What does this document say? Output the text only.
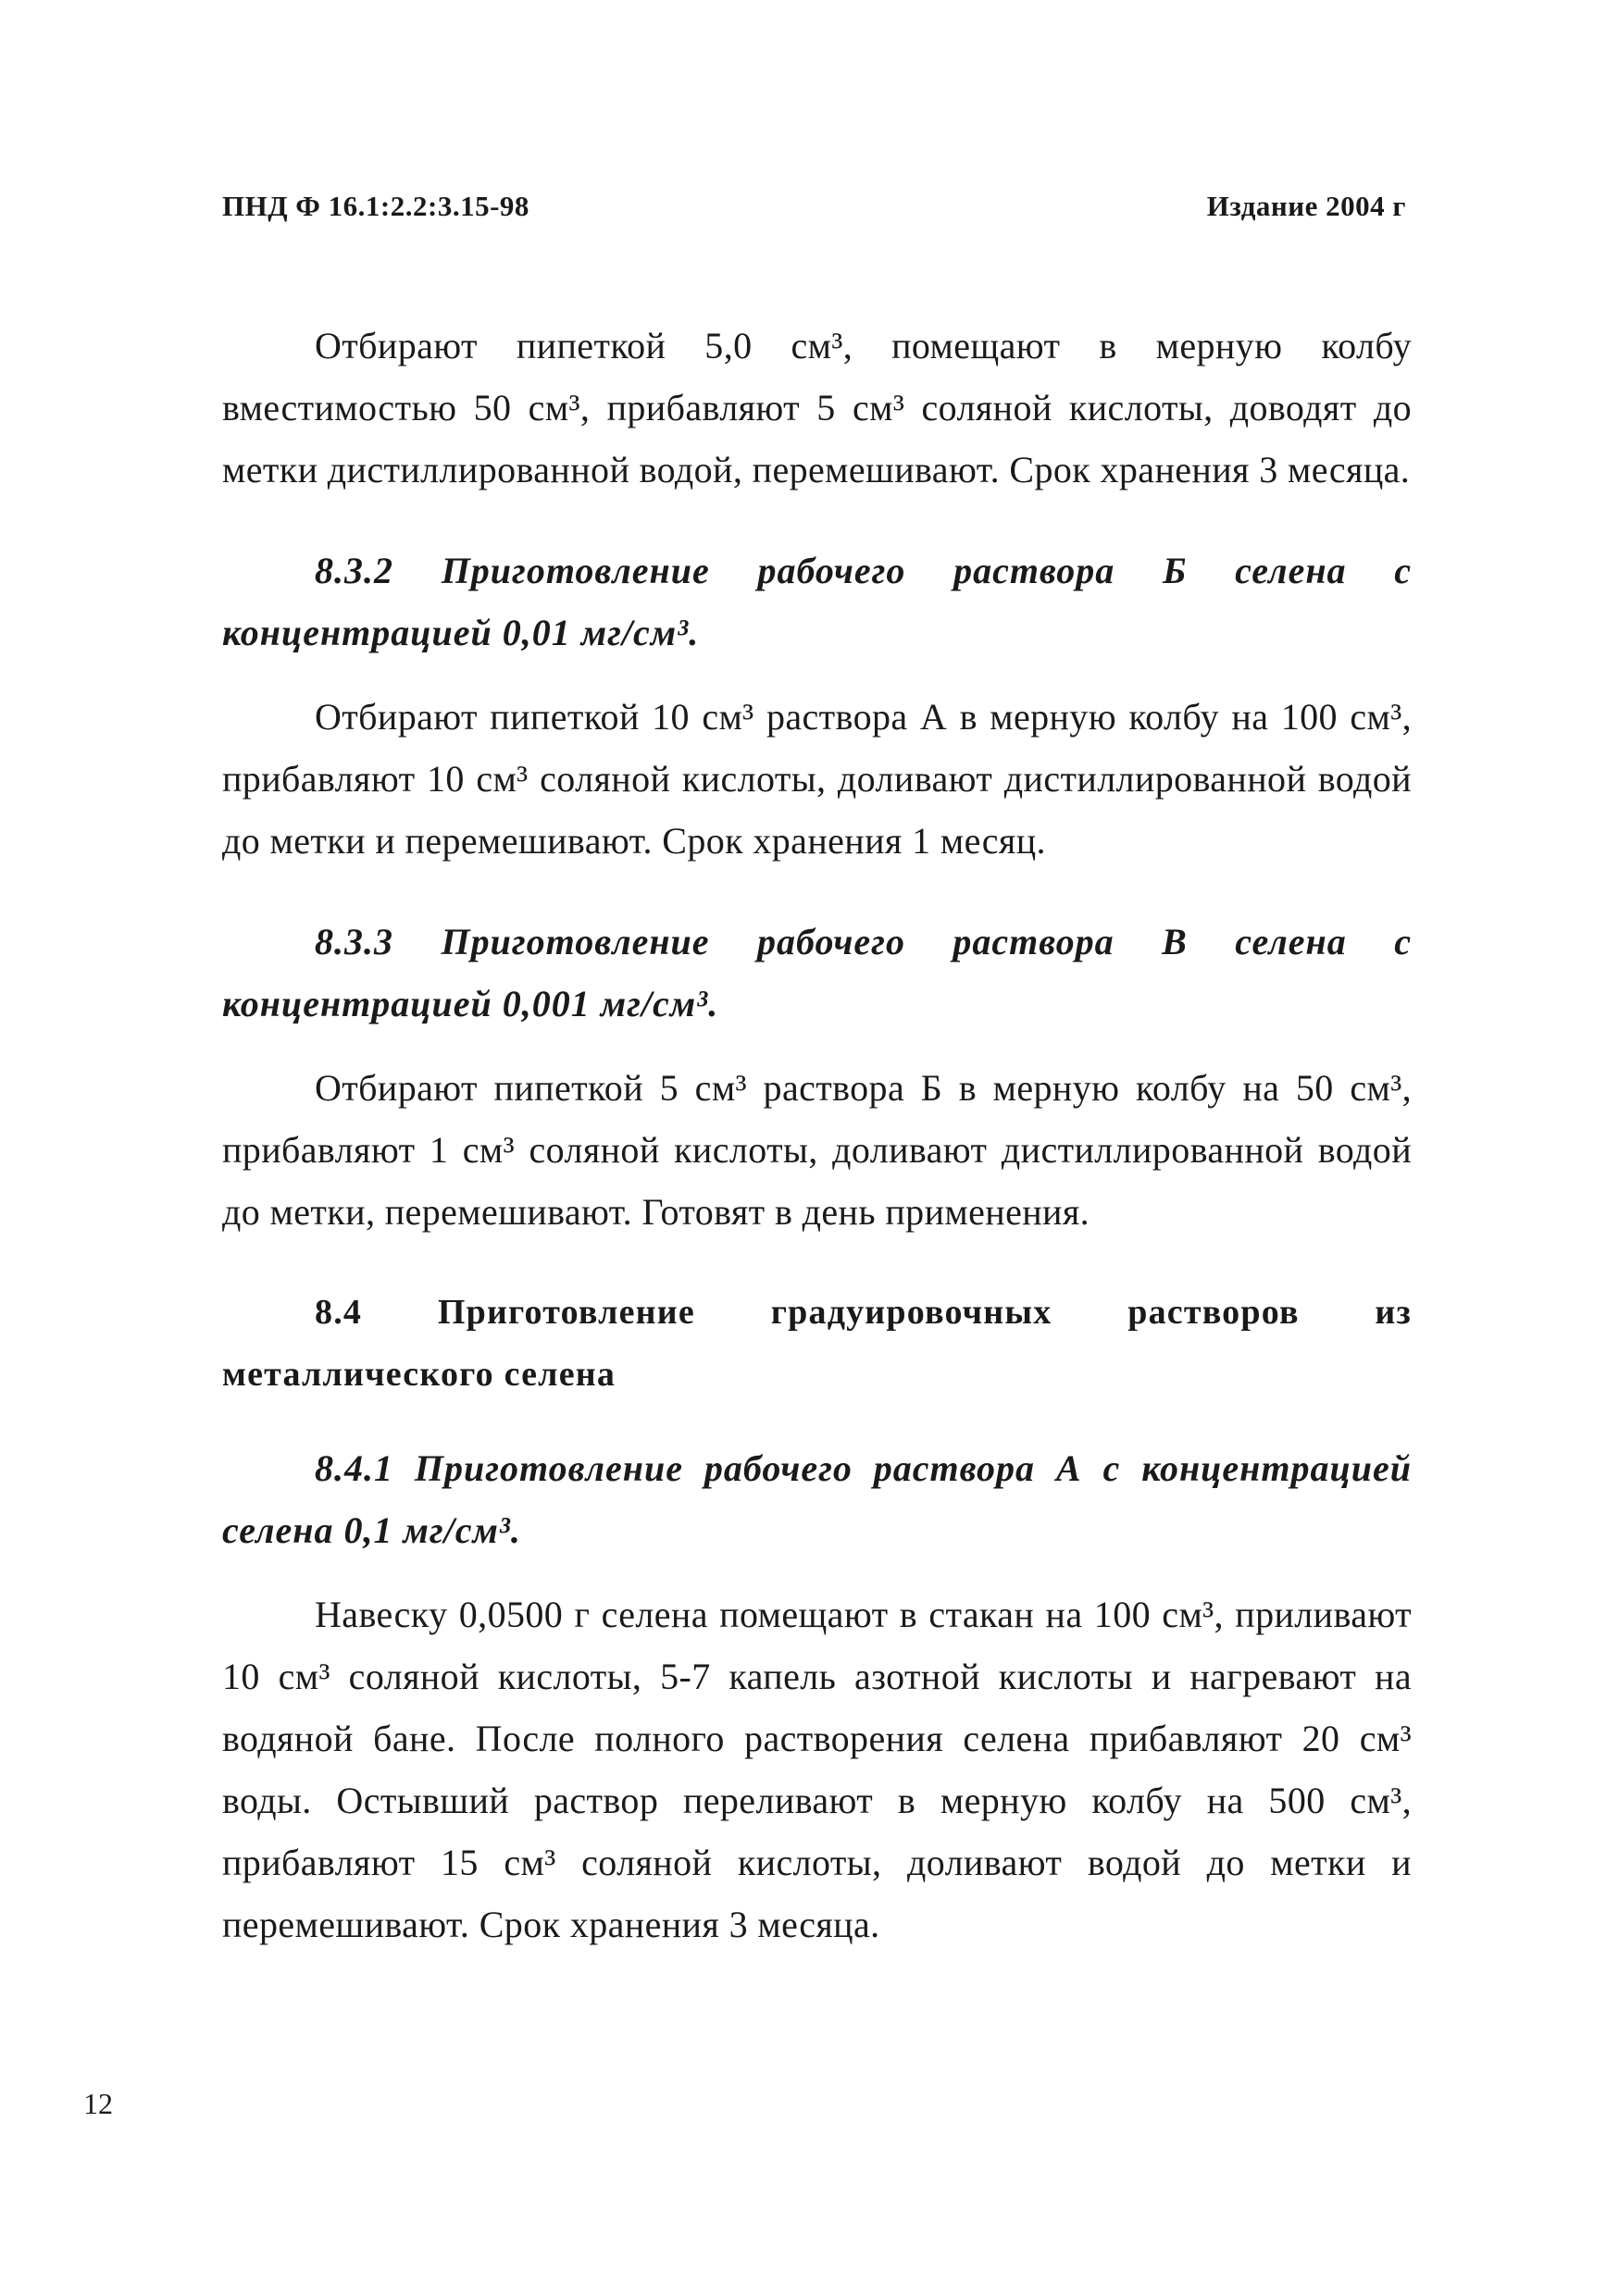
ПНД Ф 16.1:2.2:3.15-98	Издание 2004 г

Отбирают пипеткой 5,0 см³, помещают в мерную колбу вместимостью 50 см³, прибавляют 5 см³ соляной кислоты, доводят до метки дистиллированной водой, перемешивают. Срок хранения 3 месяца.

8.3.2 Приготовление рабочего раствора Б селена с концентрацией 0,01 мг/см³.

Отбирают пипеткой 10 см³ раствора А в мерную колбу на 100 см³, прибавляют 10 см³ соляной кислоты, доливают дистиллированной водой до метки и перемешивают. Срок хранения 1 месяц.

8.3.3 Приготовление рабочего раствора В селена с концентрацией 0,001 мг/см³.

Отбирают пипеткой 5 см³ раствора Б в мерную колбу на 50 см³, прибавляют 1 см³ соляной кислоты, доливают дистиллированной водой до метки, перемешивают. Готовят в день применения.

8.4 Приготовление градуировочных растворов из металлического селена

8.4.1 Приготовление рабочего раствора А с концентрацией селена 0,1 мг/см³.

Навеску 0,0500 г селена помещают в стакан на 100 см³, приливают 10 см³ соляной кислоты, 5-7 капель азотной кислоты и нагревают на водяной бане. После полного растворения селена прибавляют 20 см³ воды. Остывший раствор переливают в мерную колбу на 500 см³, прибавляют 15 см³ соляной кислоты, доливают водой до метки и перемешивают. Срок хранения 3 месяца.

12
